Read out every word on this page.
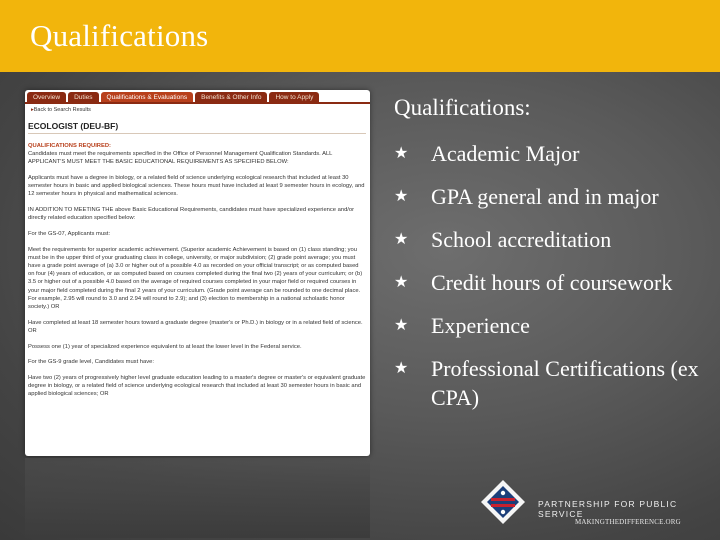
Qualifications
Overview	Duties	Qualifications & Evaluations	Benefits & Other Info	How to Apply
▸ Back to Search Results
ECOLOGIST (DEU-BF)

QUALIFICATIONS REQUIRED:
Candidates must meet the requirements specified in the Office of Personnel Management Qualification Standards. ALL APPLICANT'S MUST MEET THE BASIC EDUCATIONAL REQUIREMENTS AS SPECIFIED BELOW:

Applicants must have a degree in biology, or a related field of science underlying ecological research that included at least 30 semester hours in basic and applied biological sciences. These hours must have included at least 9 semester hours in ecology, and 12 semester hours in physical and mathematical sciences.

IN ADDITION TO MEETING THE above Basic Educational Requirements, candidates must have specialized experience and/or directly related education specified below:

For the GS-07, Applicants must:

Meet the requirements for superior academic achievement. (Superior academic Achievement is based on (1) class standing; you must be in the upper third of your graduating class in college, university, or major subdivision; (2) grade point average; you must have a grade point average of (a) 3.0 or higher out of a possible 4.0 as recorded on your official transcript; or as computed based on four (4) years of education, or as computed based on courses completed during the final two (2) years of your curriculum; or (b) 3.5 or higher out of a possible 4.0 based on the average of required courses completed in your major field or required courses in your major field completed during the final 2 years of your curriculum. (Grade point average can be rounded to one decimal place. For example, 2.95 will round to 3.0 and 2.94 will round to 2.9); and (3) election to membership in a national scholastic honor society.) OR

Have completed at least 18 semester hours toward a graduate degree (master's or Ph.D.) in biology or in a related field of science. OR

Possess one (1) year of specialized experience equivalent to at least the lower level in the Federal service.

For the GS-9 grade level, Candidates must have:

Have two (2) years of progressively higher level graduate education leading to a master's degree or master's or equivalent graduate degree in biology, or a related field of science underlying ecological research that included at least 30 semester hours in basic and applied biological sciences; OR

Qualifications:
★ Academic Major
★ GPA general and in major
★ School accreditation
★ Credit hours of coursework
★ Experience
★ Professional Certifications (ex CPA)
PARTNERSHIP FOR PUBLIC SERVICE
MAKINGTHEDIFFERENCE.ORG
